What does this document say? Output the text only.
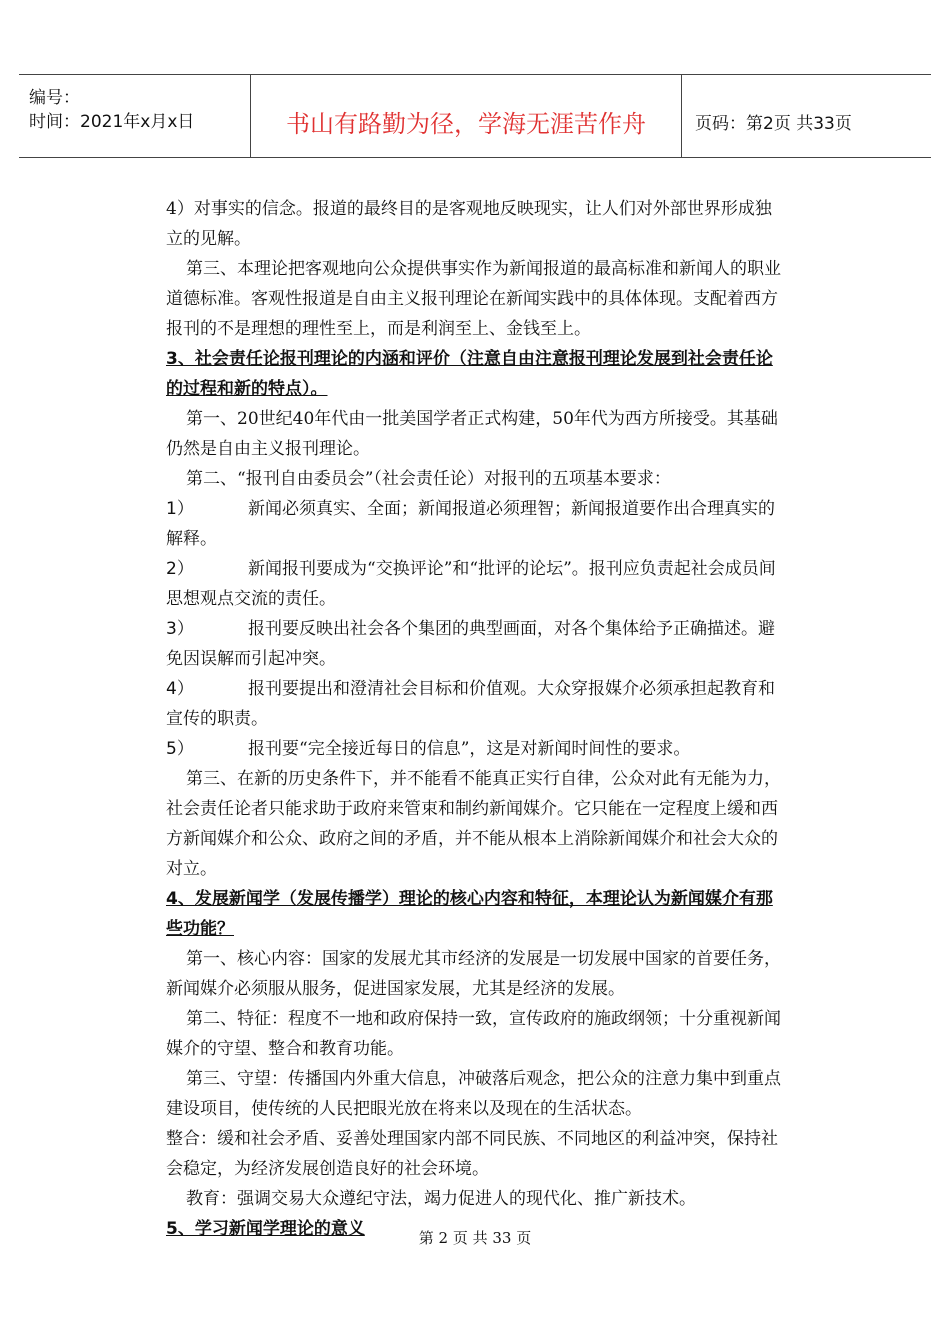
编号：
时间：2021年x月x日	书山有路勤为径，学海无涯苦作舟	页码：第2页 共33页

4）对事实的信念。报道的最终目的是客观地反映现实，让人们对外部世界形成独立的见解。

第三、本理论把客观地向公众提供事实作为新闻报道的最高标准和新闻人的职业道德标准。客观性报道是自由主义报刊理论在新闻实践中的具体体现。支配着西方报刊的不是理想的理性至上，而是利润至上、金钱至上。

3、社会责任论报刊理论的内涵和评价（注意自由注意报刊理论发展到社会责任论的过程和新的特点）。

第一、20世纪40年代由一批美国学者正式构建，50年代为西方所接受。其基础仍然是自由主义报刊理论。

第二、“报刊自由委员会”（社会责任论）对报刊的五项基本要求：

1）	新闻必须真实、全面；新闻报道必须理智；新闻报道要作出合理真实的解释。

2）	新闻报刊要成为“交换评论”和“批评的论坛”。报刊应负责起社会成员间思想观点交流的责任。

3）	报刊要反映出社会各个集团的典型画面，对各个集体给予正确描述。避免因误解而引起冲突。

4）	报刊要提出和澄清社会目标和价值观。大众穿报媒介必须承担起教育和宣传的职责。

5）	报刊要“完全接近每日的信息”，这是对新闻时间性的要求。

第三、在新的历史条件下，并不能看不能真正实行自律，公众对此有无能为力，社会责任论者只能求助于政府来管束和制约新闻媒介。它只能在一定程度上缓和西方新闻媒介和公众、政府之间的矛盾，并不能从根本上消除新闻媒介和社会大众的对立。

4、发展新闻学（发展传播学）理论的核心内容和特征，本理论认为新闻媒介有那些功能？

第一、核心内容：国家的发展尤其市经济的发展是一切发展中国家的首要任务，新闻媒介必须服从服务，促进国家发展，尤其是经济的发展。

第二、特征：程度不一地和政府保持一致，宣传政府的施政纲领；十分重视新闻媒介的守望、整合和教育功能。

第三、守望：传播国内外重大信息，冲破落后观念，把公众的注意力集中到重点建设项目，使传统的人民把眼光放在将来以及现在的生活状态。

整合：缓和社会矛盾、妥善处理国家内部不同民族、不同地区的利益冲突，保持社会稳定，为经济发展创造良好的社会环境。

教育：强调交易大众遵纪守法，竭力促进人的现代化、推广新技术。

5、学习新闻学理论的意义	第 2 页 共 33 页
